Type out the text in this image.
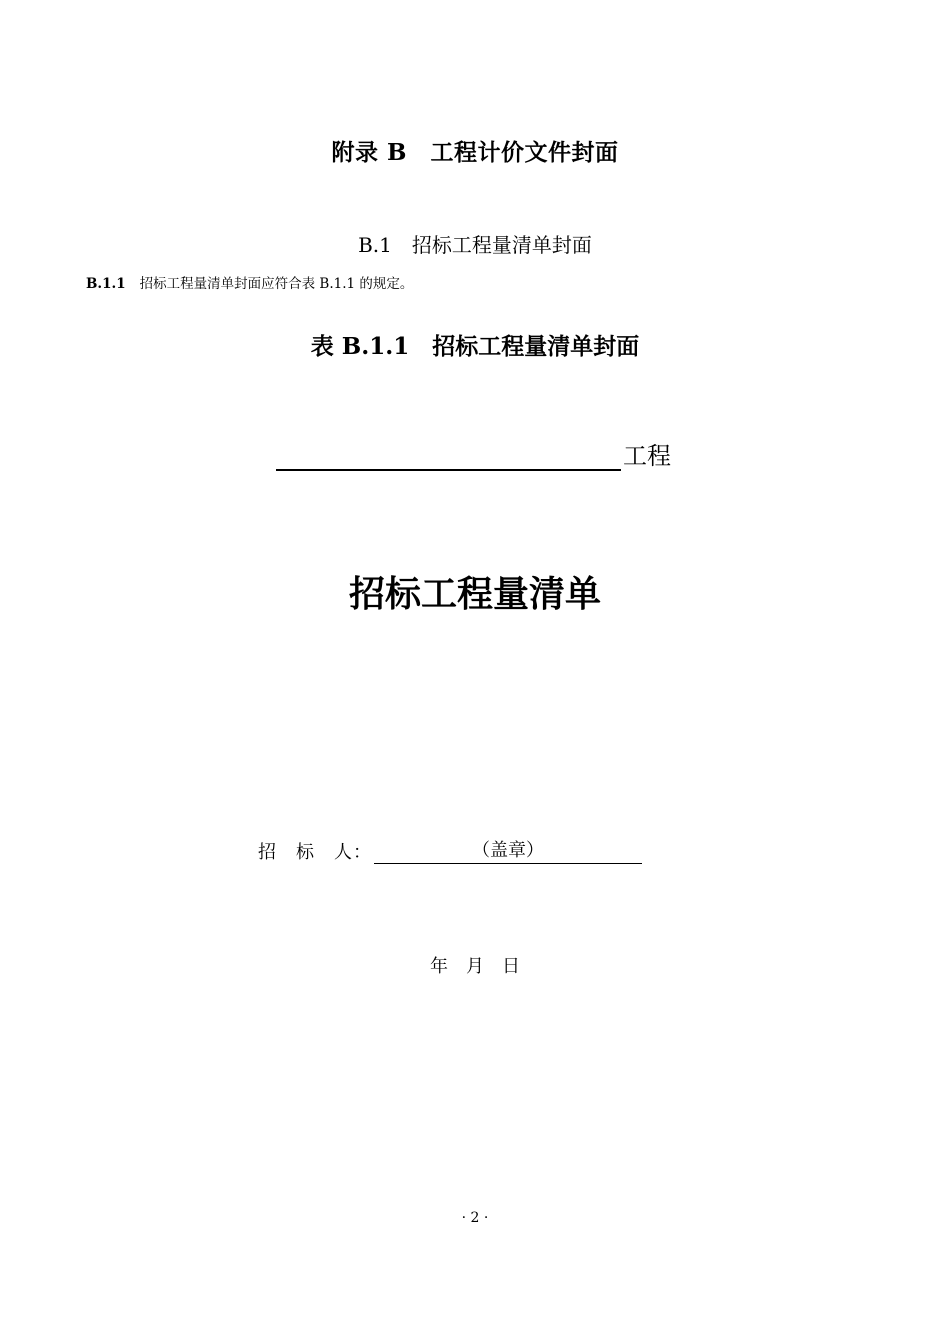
附录 B　工程计价文件封面
B.1　招标工程量清单封面
B.1.1 招标工程量清单封面应符合表 B.1.1 的规定。
表 B.1.1　招标工程量清单封面
工程
招标工程量清单
招　标　人：	（盖章）
年　月　日
· 2 ·
